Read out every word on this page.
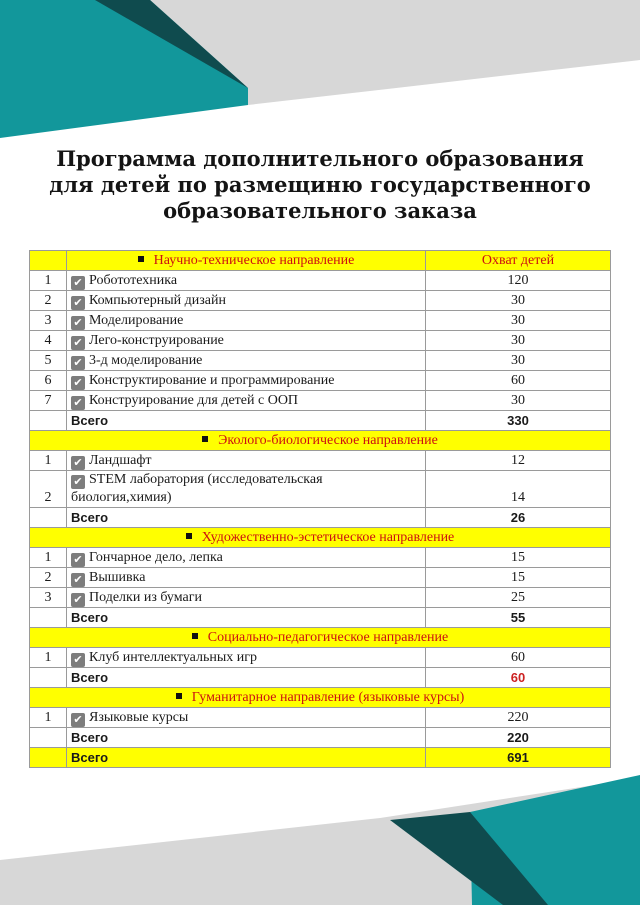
Программа дополнительного образования
для детей по размещиню государственного
образовательного заказа
	Научно-техническое направление	Охват детей
1	✔ Робототехника	120
2	✔ Компьютерный дизайн	30
3	✔ Моделирование	30
4	✔ Лего-конструирование	30
5	✔ 3-д моделирование	30
6	✔ Конструктирование и программирование	60
7	✔ Конструирование для детей с ООП	30
	Всего	330
Эколого-биологическое направление		
1	✔ Ландшафт	12
2	✔ STEM лаборатория (исследовательская
биология,химия)	14
	Всего	26
Художественно-эстетическое направление		
1	✔ Гончарное дело, лепка	15
2	✔ Вышивка	15
3	✔ Поделки из бумаги	25
	Всего	55
Социально-педагогическое направление		
1	✔ Клуб интеллектуальных игр	60
	Всего	60
Гуманитарное направление (языковые курсы)		
1	✔ Языковые курсы	220
	Всего	220
	Всего	691
